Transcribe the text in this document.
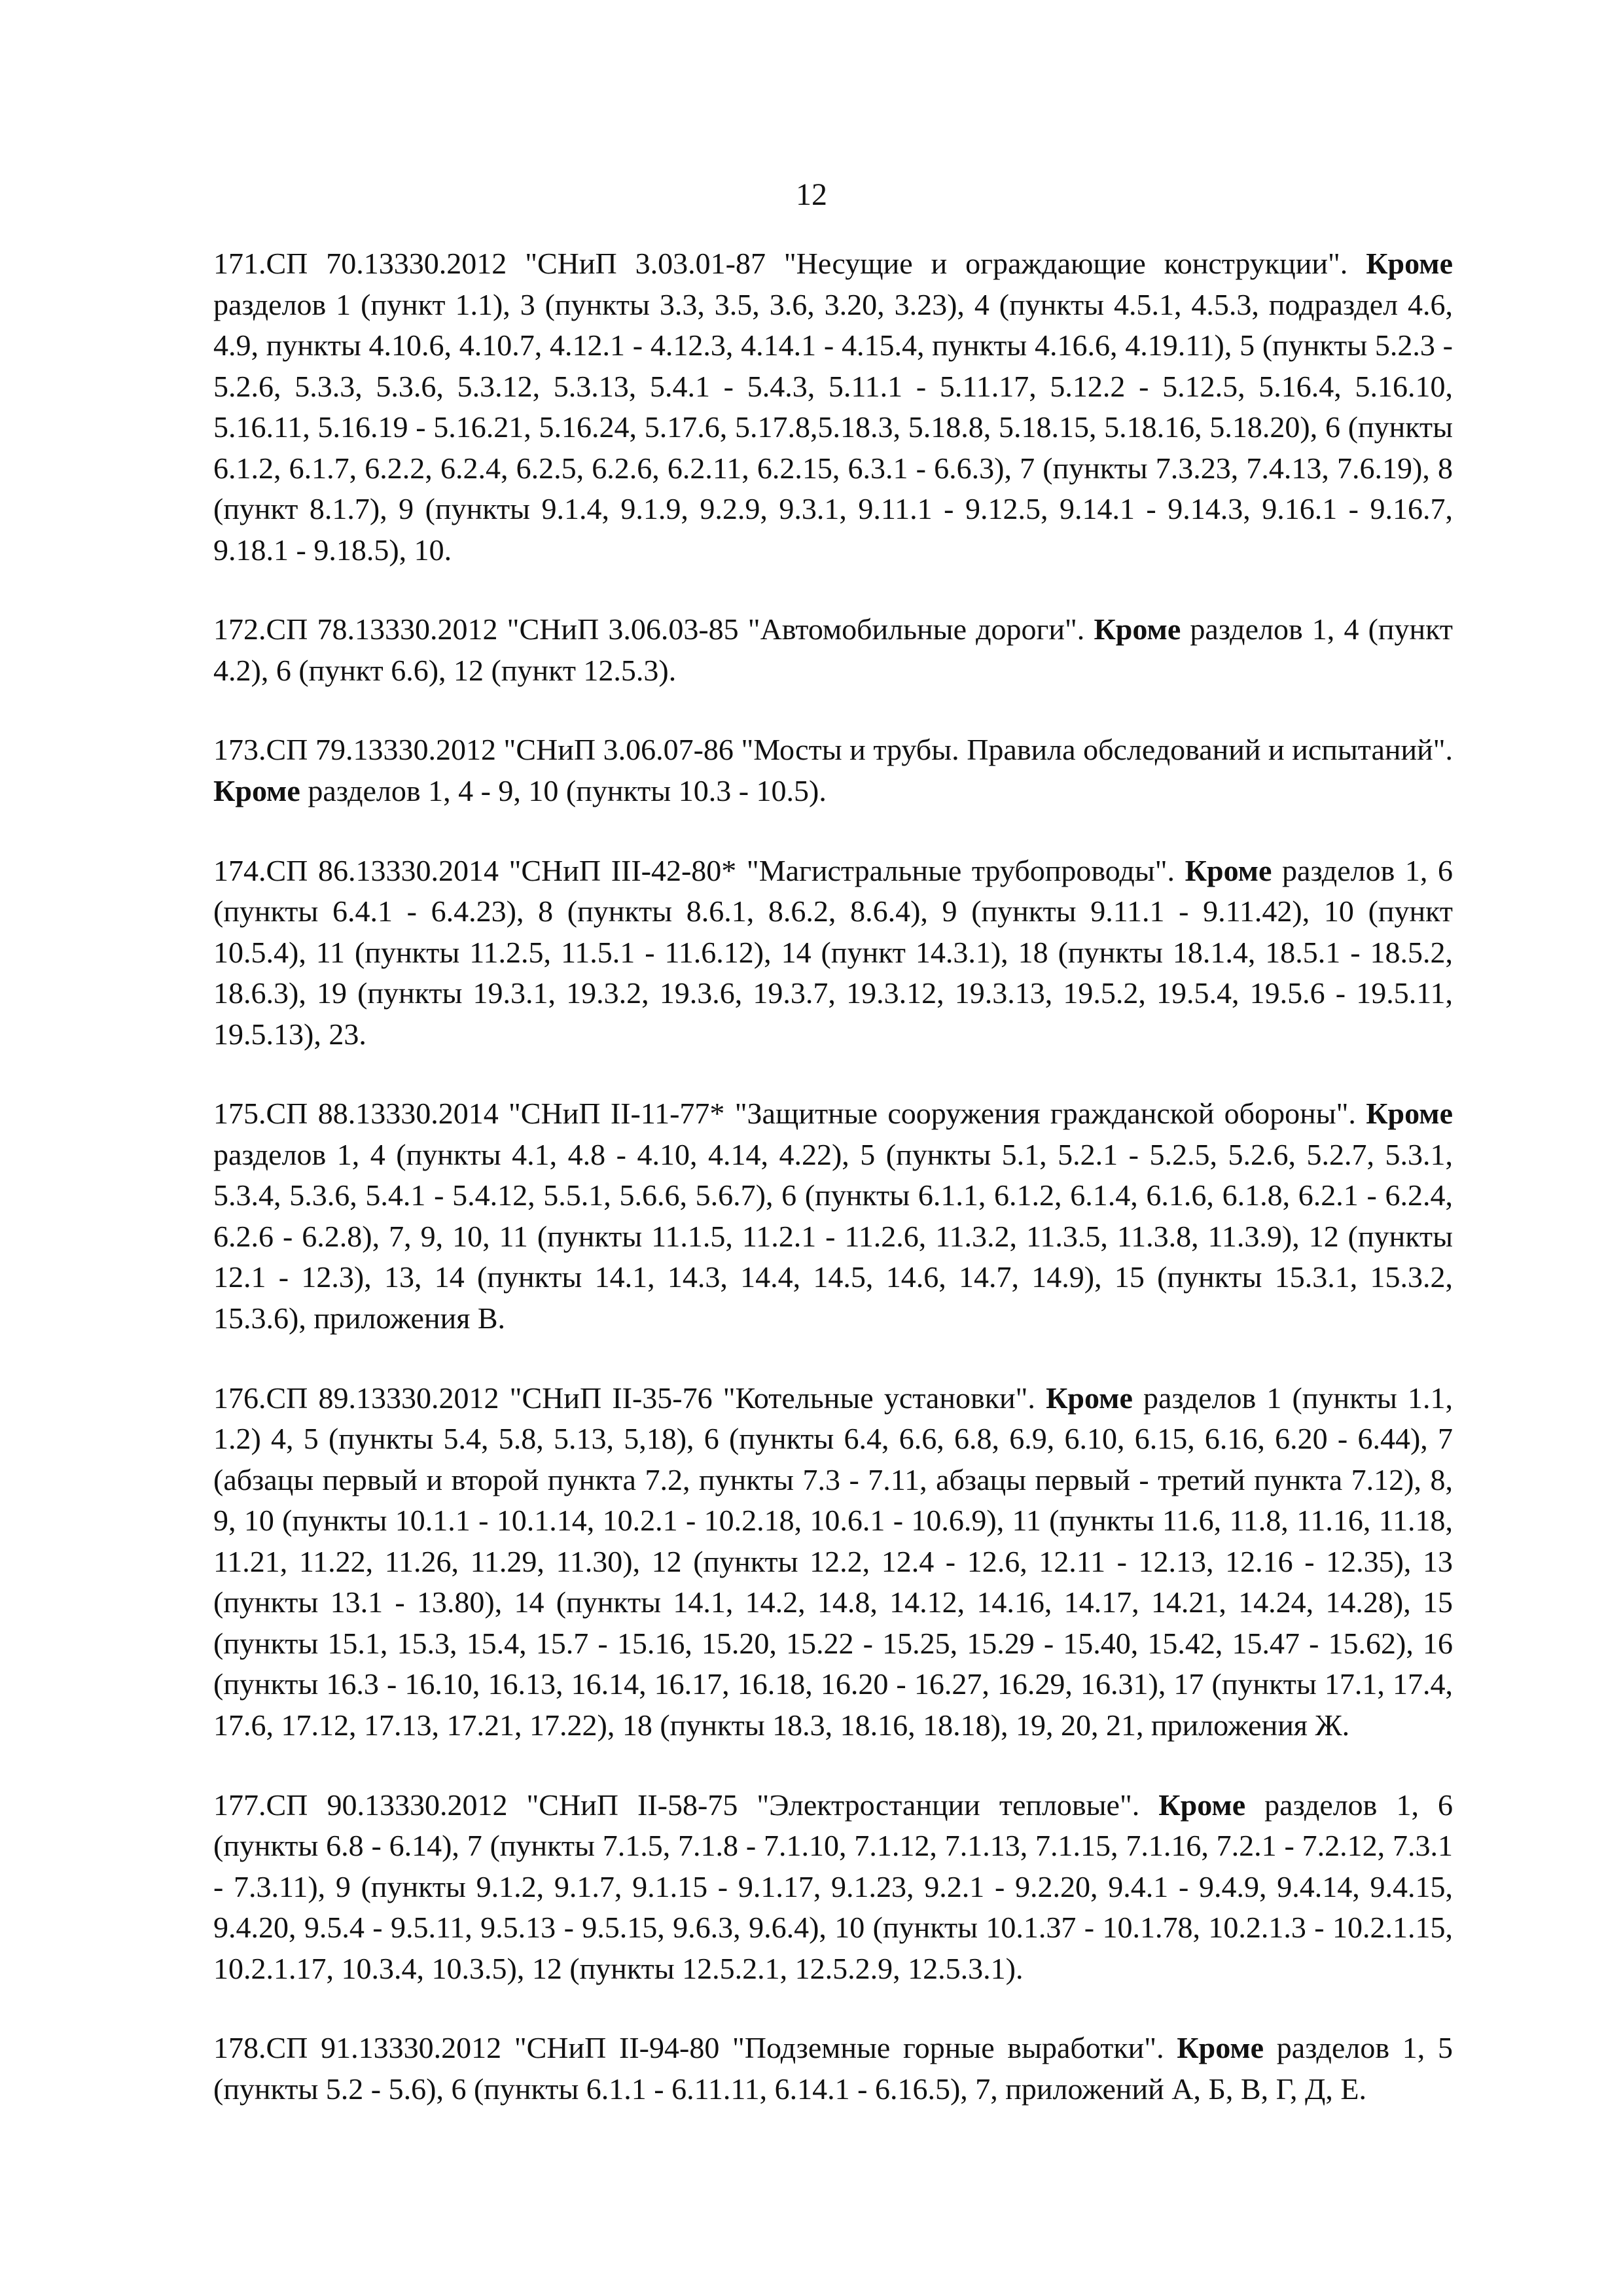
12
171.СП 70.13330.2012 "СНиП 3.03.01-87 "Несущие и ограждающие конструкции". Кроме разделов 1 (пункт 1.1), 3 (пункты 3.3, 3.5, 3.6, 3.20, 3.23), 4 (пункты 4.5.1, 4.5.3, подраздел 4.6, 4.9, пункты 4.10.6, 4.10.7, 4.12.1 - 4.12.3, 4.14.1 - 4.15.4, пункты 4.16.6, 4.19.11), 5 (пункты 5.2.3 - 5.2.6, 5.3.3, 5.3.6, 5.3.12, 5.3.13, 5.4.1 - 5.4.3, 5.11.1 - 5.11.17, 5.12.2 - 5.12.5, 5.16.4, 5.16.10, 5.16.11, 5.16.19 - 5.16.21, 5.16.24, 5.17.6, 5.17.8,5.18.3, 5.18.8, 5.18.15, 5.18.16, 5.18.20), 6 (пункты 6.1.2, 6.1.7, 6.2.2, 6.2.4, 6.2.5, 6.2.6, 6.2.11, 6.2.15, 6.3.1 - 6.6.3), 7 (пункты 7.3.23, 7.4.13, 7.6.19), 8 (пункт 8.1.7), 9 (пункты 9.1.4, 9.1.9, 9.2.9, 9.3.1, 9.11.1 - 9.12.5, 9.14.1 - 9.14.3, 9.16.1 - 9.16.7, 9.18.1 - 9.18.5), 10.
172.СП 78.13330.2012 "СНиП 3.06.03-85 "Автомобильные дороги". Кроме разделов 1, 4 (пункт 4.2), 6 (пункт 6.6), 12 (пункт 12.5.3).
173.СП 79.13330.2012 "СНиП 3.06.07-86 "Мосты и трубы. Правила обследований и испытаний". Кроме разделов 1, 4 - 9, 10 (пункты 10.3 - 10.5).
174.СП 86.13330.2014 "СНиП III-42-80* "Магистральные трубопроводы". Кроме разделов 1, 6 (пункты 6.4.1 - 6.4.23), 8 (пункты 8.6.1, 8.6.2, 8.6.4), 9 (пункты 9.11.1 - 9.11.42), 10 (пункт 10.5.4), 11 (пункты 11.2.5, 11.5.1 - 11.6.12), 14 (пункт 14.3.1), 18 (пункты 18.1.4, 18.5.1 - 18.5.2, 18.6.3), 19 (пункты 19.3.1, 19.3.2, 19.3.6, 19.3.7, 19.3.12, 19.3.13, 19.5.2, 19.5.4, 19.5.6 - 19.5.11, 19.5.13), 23.
175.СП 88.13330.2014 "СНиП II-11-77* "Защитные сооружения гражданской обороны". Кроме разделов 1, 4 (пункты 4.1, 4.8 - 4.10, 4.14, 4.22), 5 (пункты 5.1, 5.2.1 - 5.2.5, 5.2.6, 5.2.7, 5.3.1, 5.3.4, 5.3.6, 5.4.1 - 5.4.12, 5.5.1, 5.6.6, 5.6.7), 6 (пункты 6.1.1, 6.1.2, 6.1.4, 6.1.6, 6.1.8, 6.2.1 - 6.2.4, 6.2.6 - 6.2.8), 7, 9, 10, 11 (пункты 11.1.5, 11.2.1 - 11.2.6, 11.3.2, 11.3.5, 11.3.8, 11.3.9), 12 (пункты 12.1 - 12.3), 13, 14 (пункты 14.1, 14.3, 14.4, 14.5, 14.6, 14.7, 14.9), 15 (пункты 15.3.1, 15.3.2, 15.3.6), приложения В.
176.СП 89.13330.2012 "СНиП II-35-76 "Котельные установки". Кроме разделов 1 (пункты 1.1, 1.2) 4, 5 (пункты 5.4, 5.8, 5.13, 5,18), 6 (пункты 6.4, 6.6, 6.8, 6.9, 6.10, 6.15, 6.16, 6.20 - 6.44), 7 (абзацы первый и второй пункта 7.2, пункты 7.3 - 7.11, абзацы первый - третий пункта 7.12), 8, 9, 10 (пункты 10.1.1 - 10.1.14, 10.2.1 - 10.2.18, 10.6.1 - 10.6.9), 11 (пункты 11.6, 11.8, 11.16, 11.18, 11.21, 11.22, 11.26, 11.29, 11.30), 12 (пункты 12.2, 12.4 - 12.6, 12.11 - 12.13, 12.16 - 12.35), 13 (пункты 13.1 - 13.80), 14 (пункты 14.1, 14.2, 14.8, 14.12, 14.16, 14.17, 14.21, 14.24, 14.28), 15 (пункты 15.1, 15.3, 15.4, 15.7 - 15.16, 15.20, 15.22 - 15.25, 15.29 - 15.40, 15.42, 15.47 - 15.62), 16 (пункты 16.3 - 16.10, 16.13, 16.14, 16.17, 16.18, 16.20 - 16.27, 16.29, 16.31), 17 (пункты 17.1, 17.4, 17.6, 17.12, 17.13, 17.21, 17.22), 18 (пункты 18.3, 18.16, 18.18), 19, 20, 21, приложения Ж.
177.СП 90.13330.2012 "СНиП II-58-75 "Электростанции тепловые". Кроме разделов 1, 6 (пункты 6.8 - 6.14), 7 (пункты 7.1.5, 7.1.8 - 7.1.10, 7.1.12, 7.1.13, 7.1.15, 7.1.16, 7.2.1 - 7.2.12, 7.3.1 - 7.3.11), 9 (пункты 9.1.2, 9.1.7, 9.1.15 - 9.1.17, 9.1.23, 9.2.1 - 9.2.20, 9.4.1 - 9.4.9, 9.4.14, 9.4.15, 9.4.20, 9.5.4 - 9.5.11, 9.5.13 - 9.5.15, 9.6.3, 9.6.4), 10 (пункты 10.1.37 - 10.1.78, 10.2.1.3 - 10.2.1.15, 10.2.1.17, 10.3.4, 10.3.5), 12 (пункты 12.5.2.1, 12.5.2.9, 12.5.3.1).
178.СП 91.13330.2012 "СНиП II-94-80 "Подземные горные выработки". Кроме разделов 1, 5 (пункты 5.2 - 5.6), 6 (пункты 6.1.1 - 6.11.11, 6.14.1 - 6.16.5), 7, приложений А, Б, В, Г, Д, Е.
